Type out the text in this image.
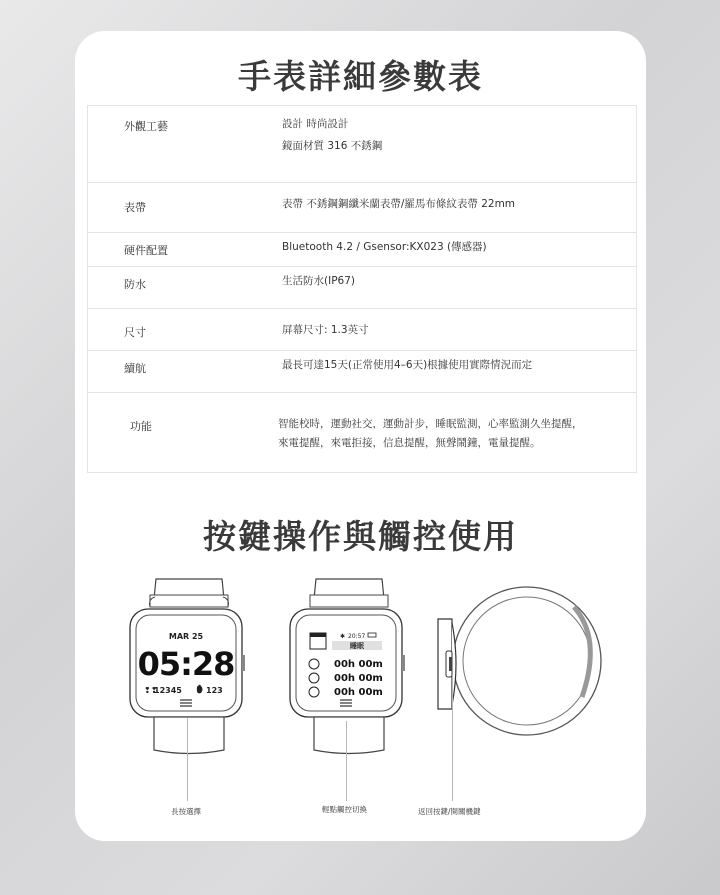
手表詳細參數表
外觀工藝	設計 時尚設計
鏡面材質 316 不銹鋼
表帶	表帶 不銹鋼鋼纖米蘭表帶/羅馬布條紋表帶 22mm
硬件配置	Bluetooth 4.2 / Gsensor:KX023 (傳感器)
防水	生活防水(IP67)
尺寸	屏幕尺寸: 1.3英寸
續航	最長可達15天(正常使用4–6天)根據使用實際情況而定
功能	智能校時，運動社交，運動計步，睡眠監測，心率監測久坐提醒，
來電提醒，來電拒接，信息提醒，無聲鬧鐘，電量提醒。
按鍵操作與觸控使用
MAR 25
05:28
❢❢
12345	123
✱ 20:57
睡眠
00h 00m
00h 00m
00h 00m
長按選擇	輕點觸控切換	返回按鍵/開關機鍵
